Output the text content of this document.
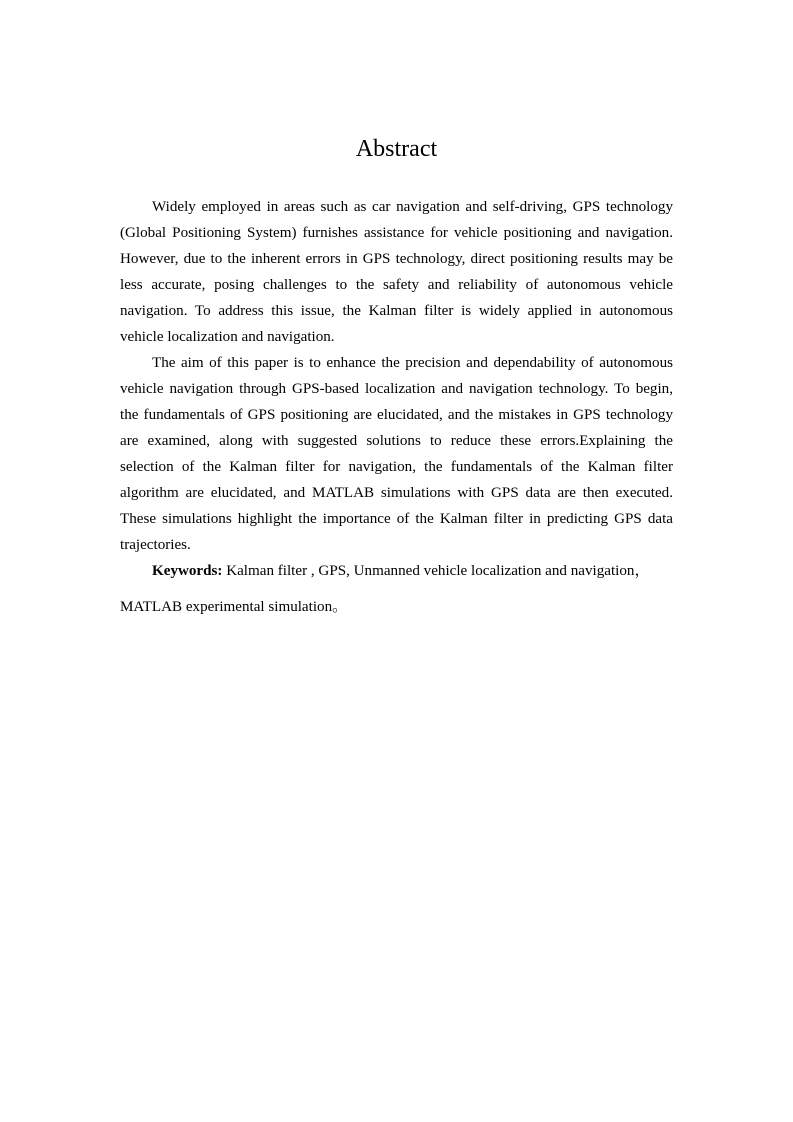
Abstract

Widely employed in areas such as car navigation and self-driving, GPS technology (Global Positioning System) furnishes assistance for vehicle positioning and navigation. However, due to the inherent errors in GPS technology, direct positioning results may be less accurate, posing challenges to the safety and reliability of autonomous vehicle navigation. To address this issue, the Kalman filter is widely applied in autonomous vehicle localization and navigation.

The aim of this paper is to enhance the precision and dependability of autonomous vehicle navigation through GPS-based localization and navigation technology. To begin, the fundamentals of GPS positioning are elucidated, and the mistakes in GPS technology are examined, along with suggested solutions to reduce these errors.Explaining the selection of the Kalman filter for navigation, the fundamentals of the Kalman filter algorithm are elucidated, and MATLAB simulations with GPS data are then executed. These simulations highlight the importance of the Kalman filter in predicting GPS data trajectories.

Keywords: Kalman filter , GPS, Unmanned vehicle localization and navigation，MATLAB experimental simulation。
